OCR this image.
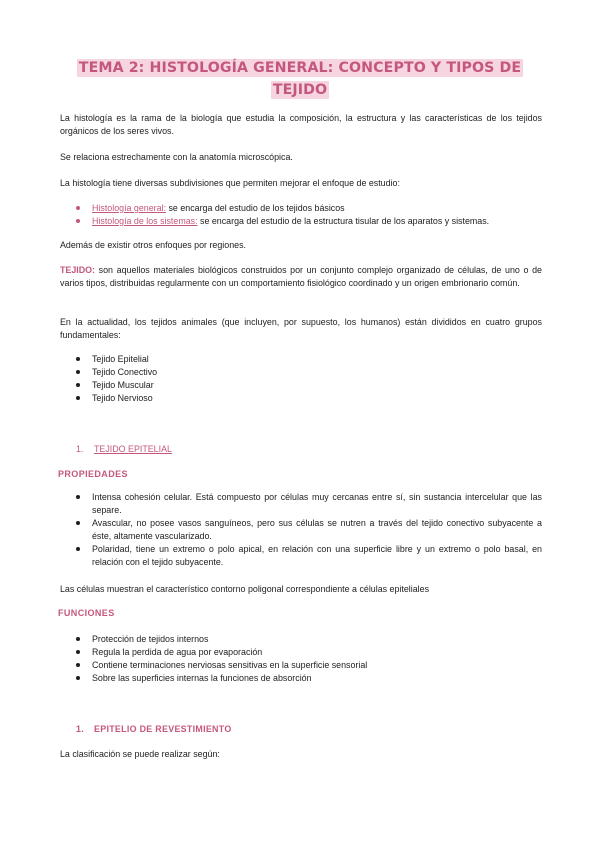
TEMA 2: HISTOLOGÍA GENERAL: CONCEPTO Y TIPOS DE TEJIDO

La histología es la rama de la biología que estudia la composición, la estructura y las características de los tejidos orgánicos de los seres vivos.

Se relaciona estrechamente con la anatomía microscópica.

La histología tiene diversas subdivisiones que permiten mejorar el enfoque de estudio:

Histología general: se encarga del estudio de los tejidos básicos
Histología de los sistemas: se encarga del estudio de la estructura tisular de los aparatos y sistemas.

Además de existir otros enfoques por regiones.

TEJIDO: son aquellos materiales biológicos construidos por un conjunto complejo organizado de células, de uno o de varios tipos, distribuidas regularmente con un comportamiento fisiológico coordinado y un origen embrionario común.

En la actualidad, los tejidos animales (que incluyen, por supuesto, los humanos) están divididos en cuatro grupos fundamentales:

Tejido Epitelial
Tejido Conectivo
Tejido Muscular
Tejido Nervioso
1. TEJIDO EPITELIAL
PROPIEDADES
Intensa cohesión celular. Está compuesto por células muy cercanas entre sí, sin sustancia intercelular que las separe.
Avascular, no posee vasos sanguíneos, pero sus células se nutren a través del tejido conectivo subyacente a éste, altamente vascularizado.
Polaridad, tiene un extremo o polo apical, en relación con una superficie libre y un extremo o polo basal, en relación con el tejido subyacente.

Las células muestran el característico contorno poligonal correspondiente a células epiteliales

FUNCIONES
Protección de tejidos internos
Regula la perdida de agua por evaporación
Contiene terminaciones nerviosas sensitivas en la superficie sensorial
Sobre las superficies internas la funciones de absorción
1. EPITELIO DE REVESTIMIENTO

La clasificación se puede realizar según:
